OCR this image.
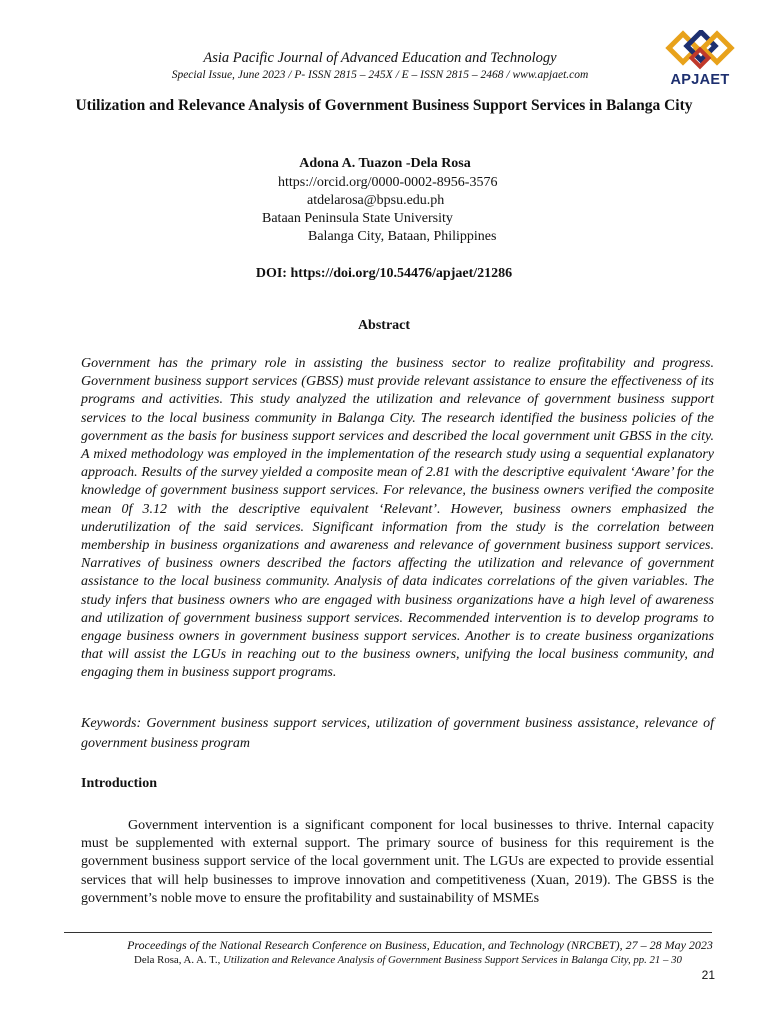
Asia Pacific Journal of Advanced Education and Technology
Special Issue, June 2023 / P- ISSN 2815 – 245X / E – ISSN 2815 – 2468 / www.apjaet.com	APJAET
Utilization and Relevance Analysis of Government Business Support Services in Balanga City
Adona A. Tuazon -Dela Rosa
https://orcid.org/0000-0002-8956-3576
atdelarosa@bpsu.edu.ph
Bataan Peninsula State University
Balanga City, Bataan, Philippines
DOI: https://doi.org/10.54476/apjaet/21286
Abstract

Government has the primary role in assisting the business sector to realize profitability and progress. Government business support services (GBSS) must provide relevant assistance to ensure the effectiveness of its programs and activities. This study analyzed the utilization and relevance of government business support services to the local business community in Balanga City. The research identified the business policies of the government as the basis for business support services and described the local government unit GBSS in the city. A mixed methodology was employed in the implementation of the research study using a sequential explanatory approach. Results of the survey yielded a composite mean of 2.81 with the descriptive equivalent ‘Aware’ for the knowledge of government business support services. For relevance, the business owners verified the composite mean 0f 3.12 with the descriptive equivalent ‘Relevant’. However, business owners emphasized the underutilization of the said services. Significant information from the study is the correlation between membership in business organizations and awareness and relevance of government business support services. Narratives of business owners described the factors affecting the utilization and relevance of government assistance to the local business community. Analysis of data indicates correlations of the given variables. The study infers that business owners who are engaged with business organizations have a high level of awareness and utilization of government business support services. Recommended intervention is to develop programs to engage business owners in government business support services. Another is to create business organizations that will assist the LGUs in reaching out to the business owners, unifying the local business community, and engaging them in business support programs.

Keywords: Government business support services, utilization of government business assistance, relevance of government business program

Introduction

Government intervention is a significant component for local businesses to thrive. Internal capacity must be supplemented with external support. The primary source of business for this requirement is the government business support service of the local government unit. The LGUs are expected to provide essential services that will help businesses to improve innovation and competitiveness (Xuan, 2019). The GBSS is the government’s noble move to ensure the profitability and sustainability of MSMEs

Proceedings of the National Research Conference on Business, Education, and Technology (NRCBET), 27 – 28 May 2023
Dela Rosa, A. A. T., Utilization and Relevance Analysis of Government Business Support Services in Balanga City, pp. 21 – 30
21
